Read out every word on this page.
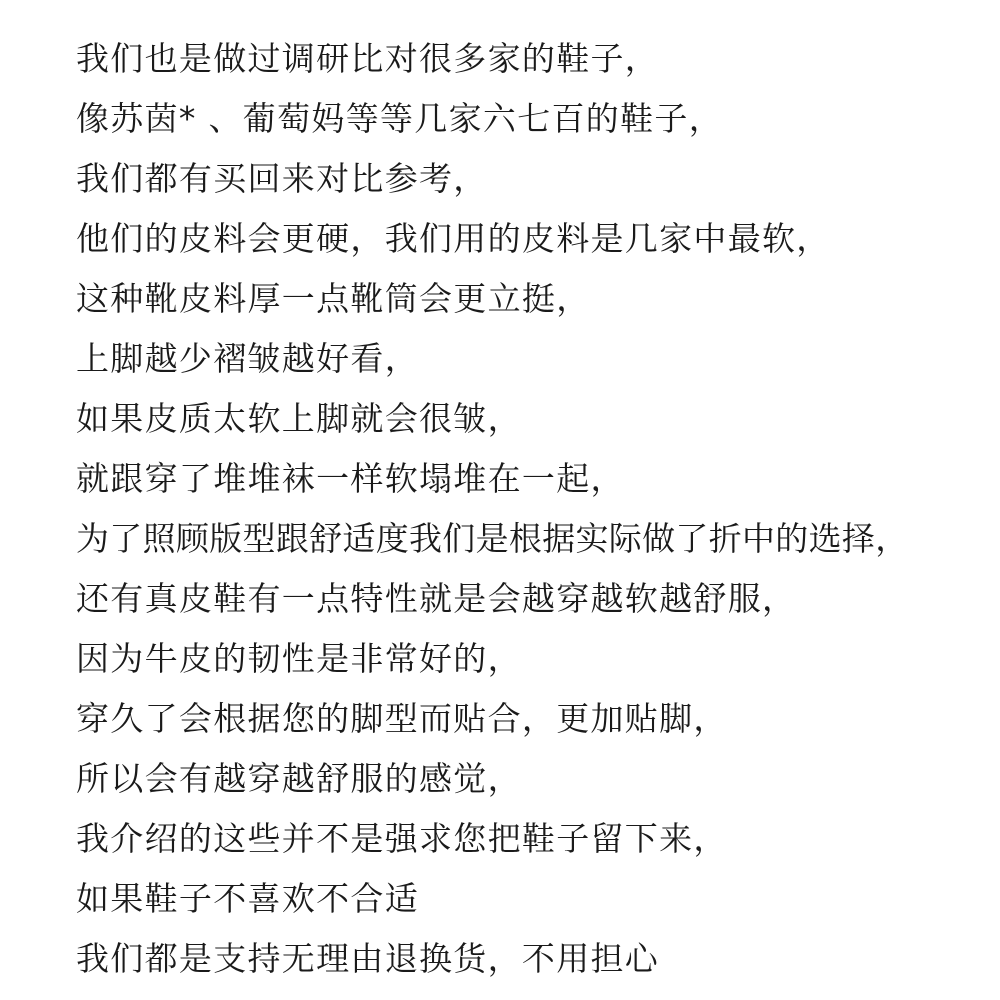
我们也是做过调研比对很多家的鞋子，
像苏茵* 、葡萄妈等等几家六七百的鞋子，
我们都有买回来对比参考，
他们的皮料会更硬，我们用的皮料是几家中最软，
这种靴皮料厚一点靴筒会更立挺，
上脚越少褶皱越好看，
如果皮质太软上脚就会很皱，
就跟穿了堆堆袜一样软塌堆在一起，
为了照顾版型跟舒适度我们是根据实际做了折中的选择，
还有真皮鞋有一点特性就是会越穿越软越舒服，
因为牛皮的韧性是非常好的，
穿久了会根据您的脚型而贴合，更加贴脚，
所以会有越穿越舒服的感觉，
我介绍的这些并不是强求您把鞋子留下来，
如果鞋子不喜欢不合适
我们都是支持无理由退换货，不用担心
